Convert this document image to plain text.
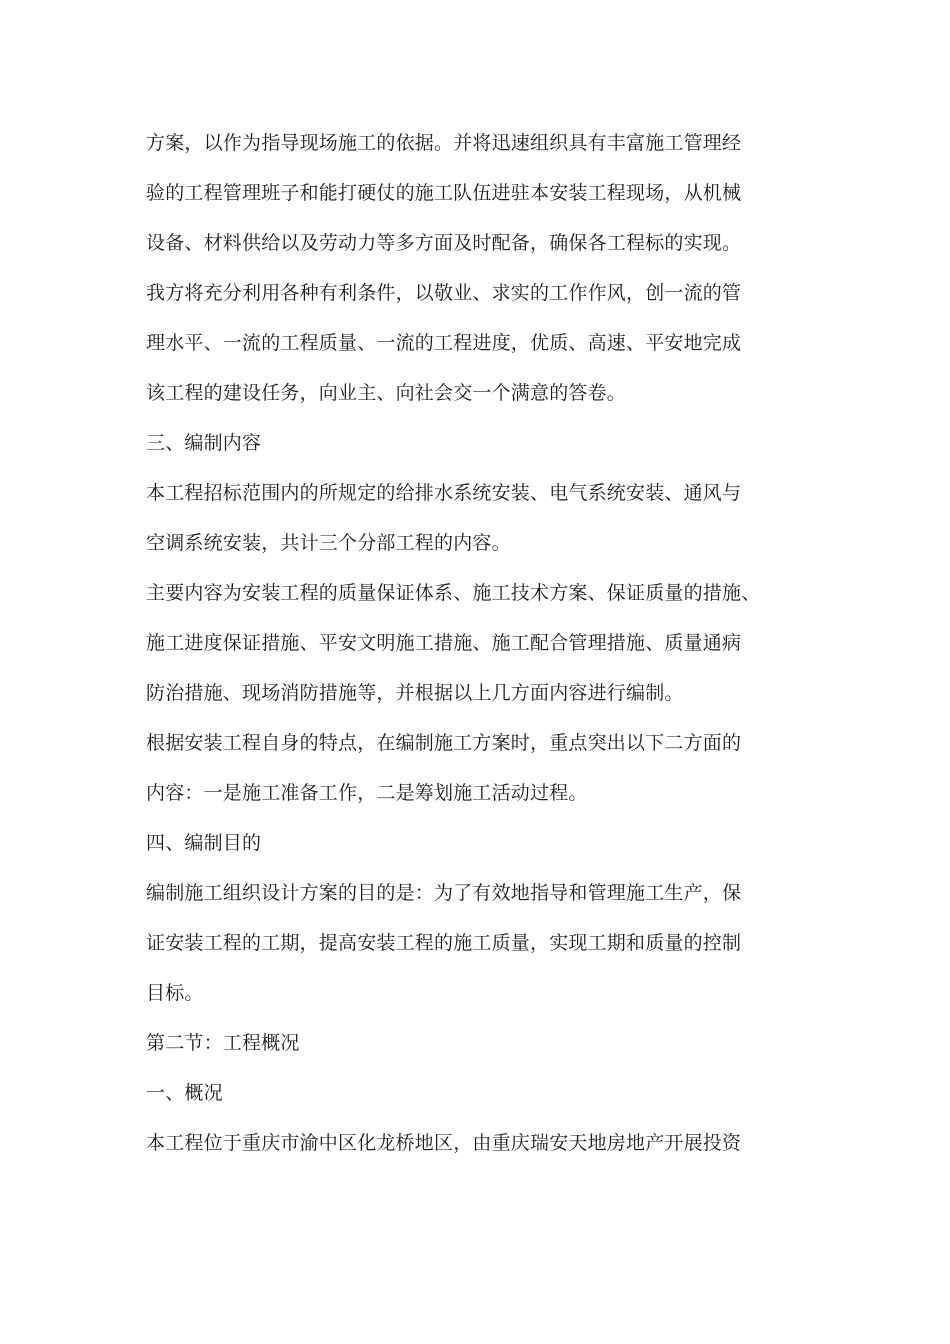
方案，以作为指导现场施工的依据。并将迅速组织具有丰富施工管理经
验的工程管理班子和能打硬仗的施工队伍进驻本安装工程现场，从机械
设备、材料供给以及劳动力等多方面及时配备，确保各工程标的实现。
我方将充分利用各种有利条件，以敬业、求实的工作作风，创一流的管
理水平、一流的工程质量、一流的工程进度，优质、高速、平安地完成
该工程的建设任务，向业主、向社会交一个满意的答卷。
三、编制内容
本工程招标范围内的所规定的给排水系统安装、电气系统安装、通风与
空调系统安装，共计三个分部工程的内容。
主要内容为安装工程的质量保证体系、施工技术方案、保证质量的措施、
施工进度保证措施、平安文明施工措施、施工配合管理措施、质量通病
防治措施、现场消防措施等，并根据以上几方面内容进行编制。
根据安装工程自身的特点，在编制施工方案时，重点突出以下二方面的
内容：一是施工准备工作，二是筹划施工活动过程。
四、编制目的
编制施工组织设计方案的目的是：为了有效地指导和管理施工生产，保
证安装工程的工期，提高安装工程的施工质量，实现工期和质量的控制
目标。
第二节：工程概况
一、概况
本工程位于重庆市渝中区化龙桥地区，由重庆瑞安天地房地产开展投资
